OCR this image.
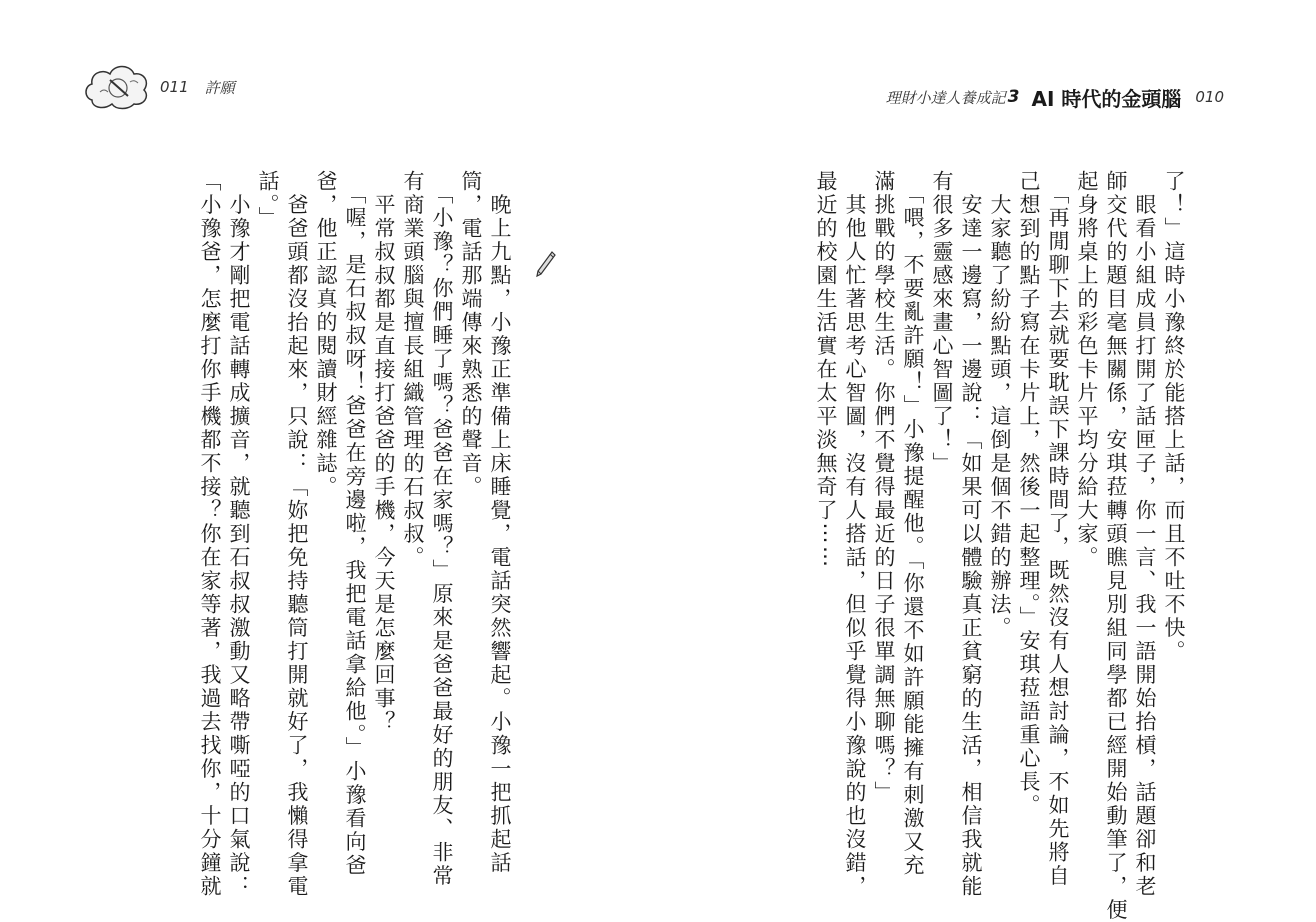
011 許願
理財小達人養成記 3 AI 時代的金頭腦 010
了！」這時小豫終於能搭上話，而且不吐不快。
　眼看小組成員打開了話匣子，你一言、我一語開始抬槓，話題卻和老
師交代的題目毫無關係，安琪菈轉頭瞧見別組同學都已經開始動筆了，便
起身將桌上的彩色卡片平均分給大家。
　「再閒聊下去就要耽誤下課時間了，既然沒有人想討論，不如先將自
己想到的點子寫在卡片上，然後一起整理。」安琪菈語重心長。
　大家聽了紛紛點頭，這倒是個不錯的辦法。
　安達一邊寫，一邊說：「如果可以體驗真正貧窮的生活，相信我就能
有很多靈感來畫心智圖了！」
　「喂，不要亂許願！」小豫提醒他。「你還不如許願能擁有刺激又充
滿挑戰的學校生活。你們不覺得最近的日子很單調無聊嗎？」
　其他人忙著思考心智圖，沒有人搭話，但似乎覺得小豫說的也沒錯，
最近的校園生活實在太平淡無奇了⋯⋯
　晚上九點，小豫正準備上床睡覺，電話突然響起。小豫一把抓起話
筒，電話那端傳來熟悉的聲音。
　「小豫？你們睡了嗎？爸爸在家嗎？」原來是爸爸最好的朋友、非常
有商業頭腦與擅長組織管理的石叔叔。
　平常叔叔都是直接打爸爸的手機，今天是怎麼回事？
　「喔，是石叔叔呀！爸爸在旁邊啦，我把電話拿給他。」小豫看向爸
爸，他正認真的閱讀財經雜誌。
　爸爸頭都沒抬起來，只說：「妳把免持聽筒打開就好了，我懶得拿電
話。」
　小豫才剛把電話轉成擴音，就聽到石叔叔激動又略帶嘶啞的口氣說：
「小豫爸，怎麼打你手機都不接？你在家等著，我過去找你，十分鐘就
